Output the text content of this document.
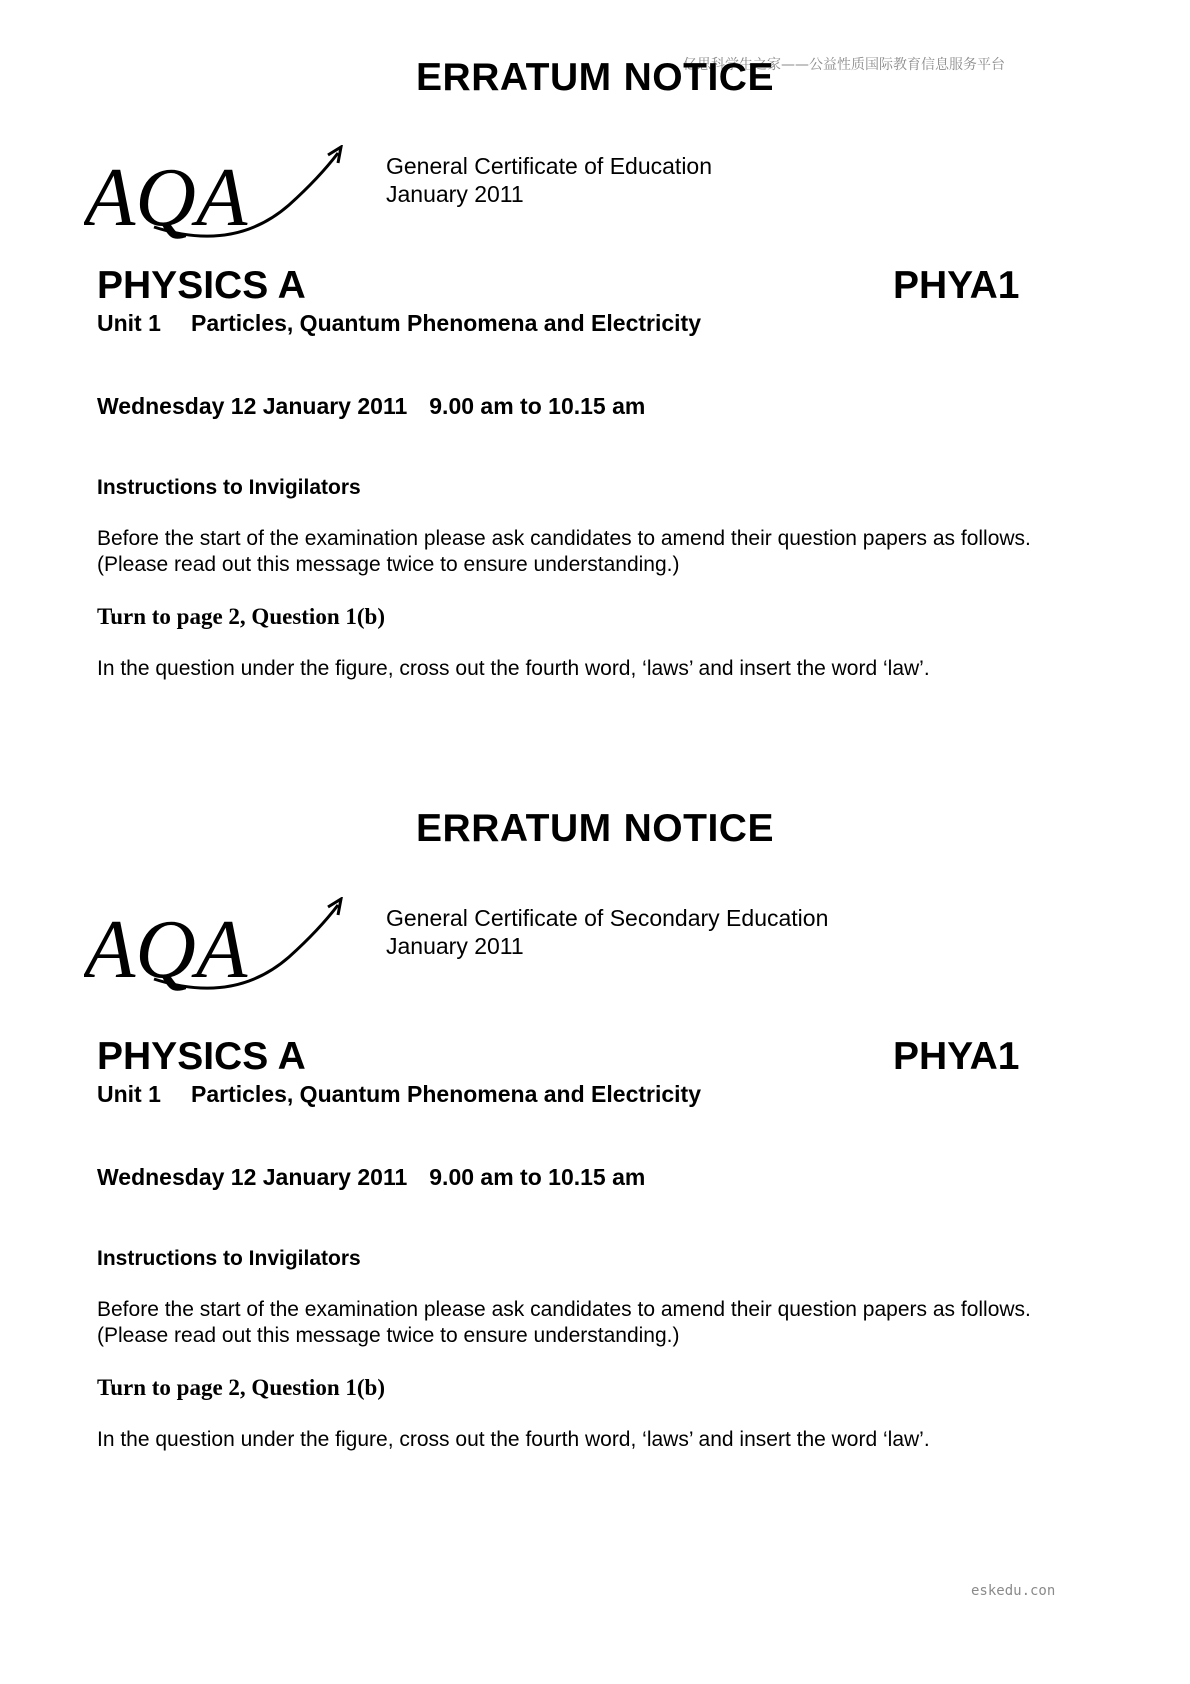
亿思科学生之家——公益性质国际教育信息服务平台
eskedu.con
ERRATUM NOTICE
AQA	General Certificate of Education
January 2011
PHYSICS A	PHYA1
Unit 1 Particles, Quantum Phenomena and Electricity
Wednesday 12 January 2011 9.00 am to 10.15 am
Instructions to Invigilators
Before the start of the examination please ask candidates to amend their question papers as follows.
(Please read out this message twice to ensure understanding.)
Turn to page 2, Question 1(b)
In the question under the figure, cross out the fourth word, ‘laws’ and insert the word ‘law’.
ERRATUM NOTICE
AQA	General Certificate of Secondary Education
January 2011
PHYSICS A	PHYA1
Unit 1 Particles, Quantum Phenomena and Electricity
Wednesday 12 January 2011 9.00 am to 10.15 am
Instructions to Invigilators
Before the start of the examination please ask candidates to amend their question papers as follows.
(Please read out this message twice to ensure understanding.)
Turn to page 2, Question 1(b)
In the question under the figure, cross out the fourth word, ‘laws’ and insert the word ‘law’.
